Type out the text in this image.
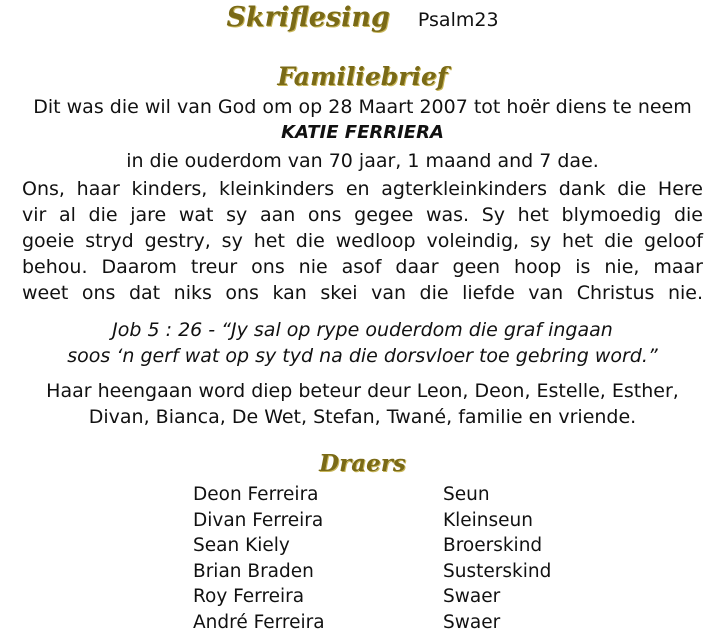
Skriflesing Psalm23
Familiebrief
Dit was die wil van God om op 28 Maart 2007 tot hoër diens te neem
KATIE FERRIERA
in die ouderdom van 70 jaar, 1 maand and 7 dae.
Ons, haar kinders, kleinkinders en agterkleinkinders dank die Here
vir al die jare wat sy aan ons gegee was. Sy het blymoedig die
goeie stryd gestry, sy het die wedloop voleindig, sy het die geloof
behou. Daarom treur ons nie asof daar geen hoop is nie, maar
weet ons dat niks ons kan skei van die liefde van Christus nie.
Job 5 : 26 - “Jy sal op rype ouderdom die graf ingaan
soos ‘n gerf wat op sy tyd na die dorsvloer toe gebring word.”
Haar heengaan word diep beteur deur Leon, Deon, Estelle, Esther,
Divan, Bianca, De Wet, Stefan, Twané, familie en vriende.
Draers
Deon Ferreira	Seun
Divan Ferreira	Kleinseun
Sean Kiely	Broerskind
Brian Braden	Susterskind
Roy Ferreira	Swaer
André Ferreira	Swaer
